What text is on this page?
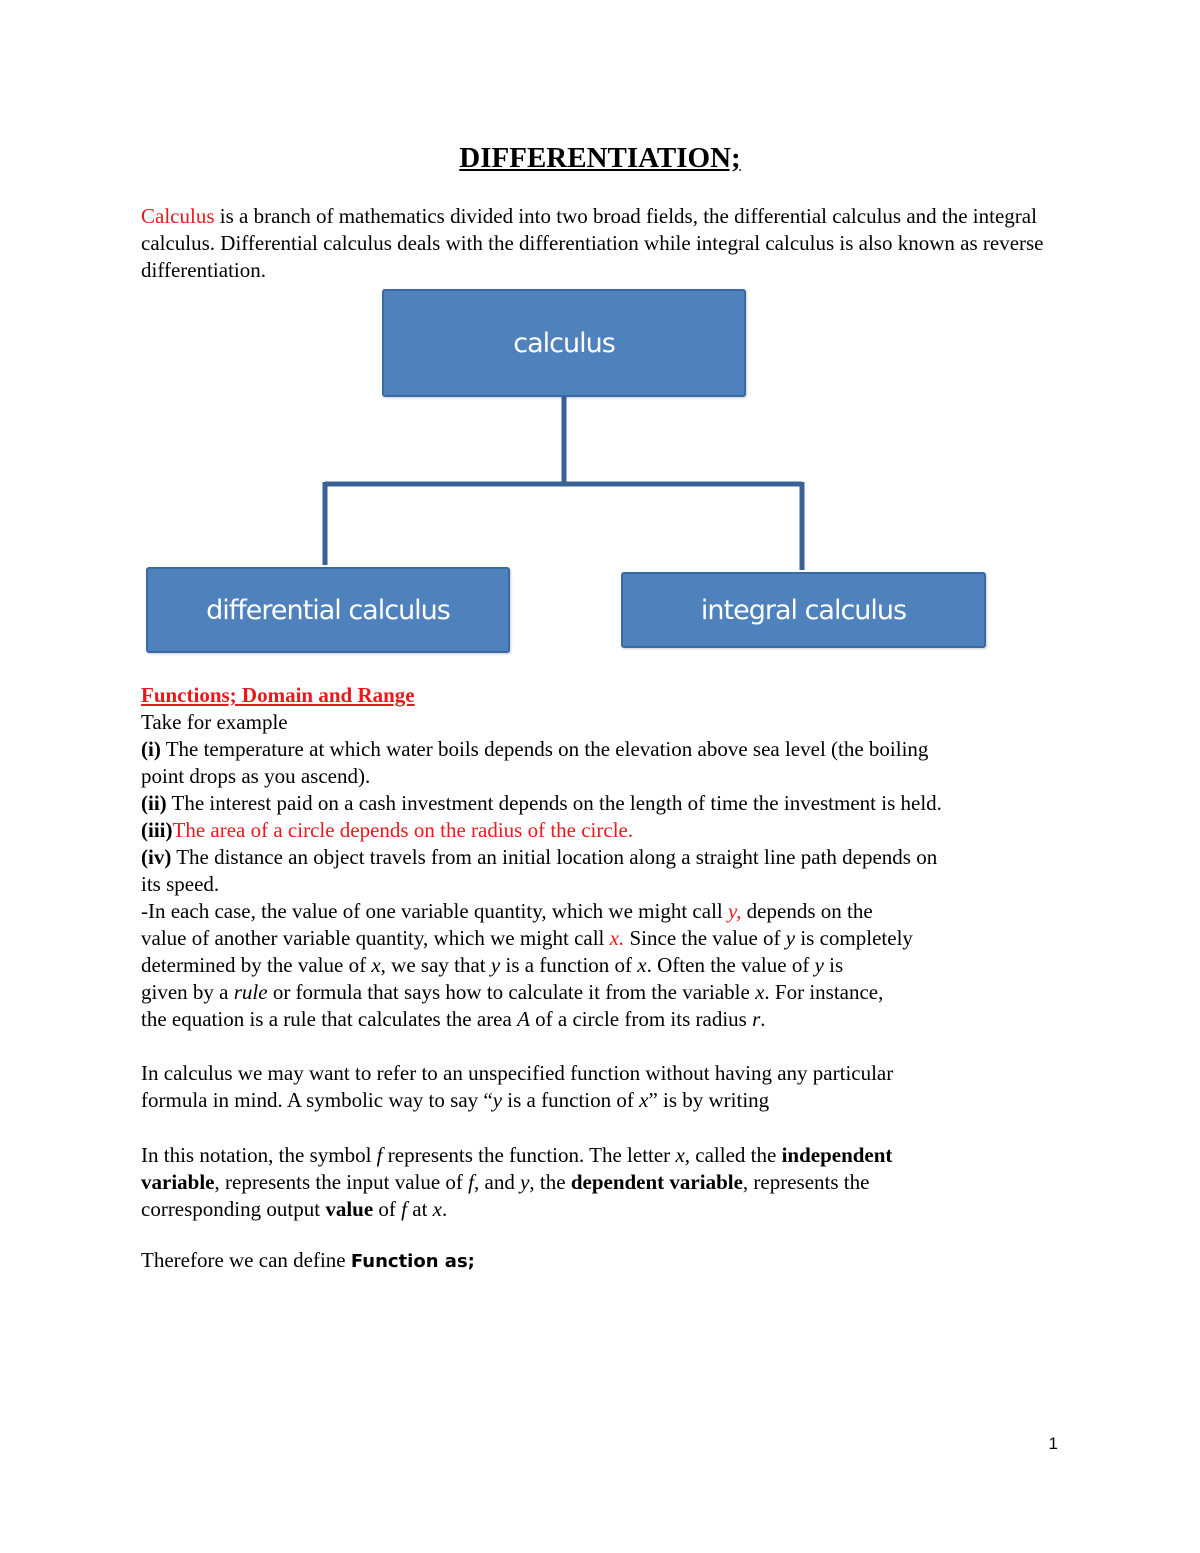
DIFFERENTIATION;
Calculus is a branch of mathematics divided into two broad fields, the differential calculus and the integral calculus. Differential calculus deals with the differentiation while integral calculus is also known as reverse differentiation.
calculus
differential calculus	integral calculus
Functions; Domain and Range
Take for example
(i) The temperature at which water boils depends on the elevation above sea level (the boiling
point drops as you ascend).
(ii) The interest paid on a cash investment depends on the length of time the investment is held.
(iii)The area of a circle depends on the radius of the circle.
(iv) The distance an object travels from an initial location along a straight line path depends on
its speed.
-In each case, the value of one variable quantity, which we might call y, depends on the
value of another variable quantity, which we might call x. Since the value of y is completely
determined by the value of x, we say that y is a function of x. Often the value of y is
given by a rule or formula that says how to calculate it from the variable x. For instance,
the equation is a rule that calculates the area A of a circle from its radius r.
In calculus we may want to refer to an unspecified function without having any particular
formula in mind. A symbolic way to say “y is a function of x” is by writing
In this notation, the symbol f represents the function. The letter x, called the independent
variable, represents the input value of f, and y, the dependent variable, represents the
corresponding output value of f at x.
Therefore we can define Function as;
1
